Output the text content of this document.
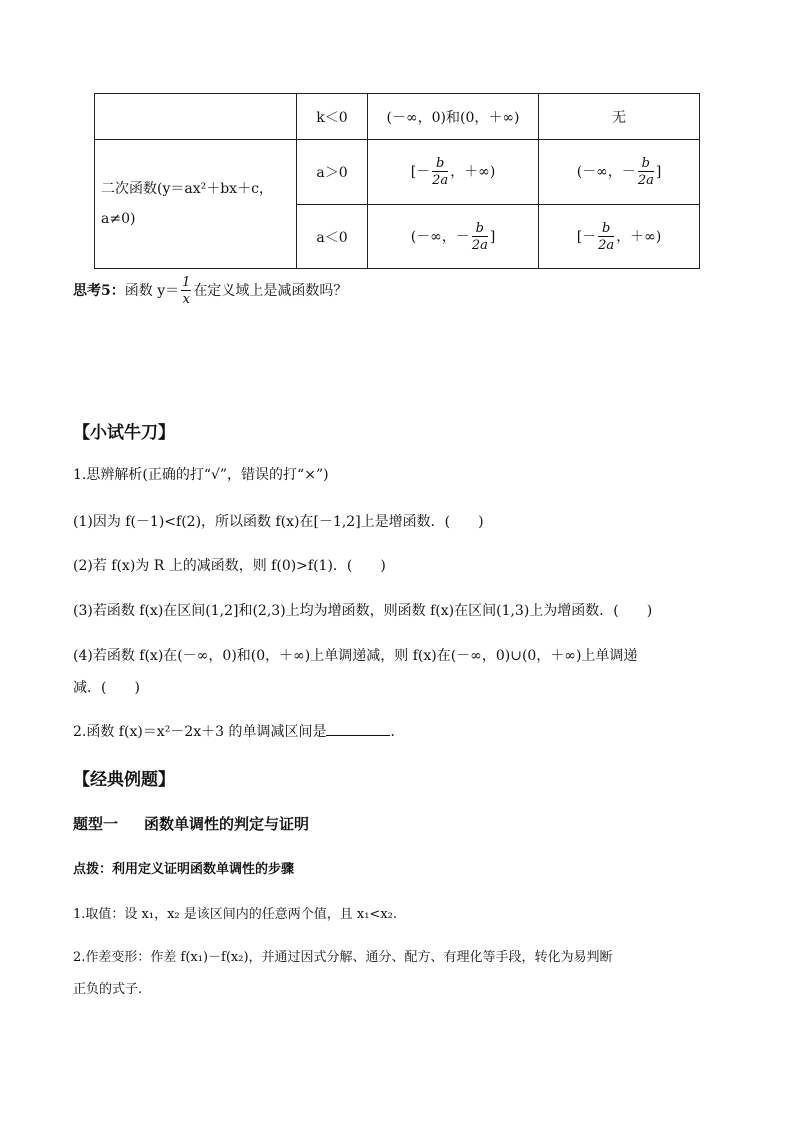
	k＜0	(－∞，0)和(0，＋∞)	无
二次函数(y＝ax²＋bx＋c，a≠0)	a＞0	[－ $\frac{b}{2a}$ ，＋∞)	(－∞，－ $\frac{b}{2a}$ ]
	a＜0	(－∞，－ $\frac{b}{2a}$ ]	[－ $\frac{b}{2a}$ ，＋∞)
思考5：函数 $y= \frac{1}{x}$ 在定义域上是减函数吗？
【小试牛刀】
1.思辨解析(正确的打“√”，错误的打“×”)
(1)因为 f(－1)<f(2)，所以函数 f(x)在[－1,2]上是增函数．(　　)
(2)若 f(x)为 R 上的减函数，则 f(0)>f(1)．(　　)
(3)若函数 f(x)在区间(1,2]和(2,3)上均为增函数，则函数 f(x)在区间(1,3)上为增函数．(　　)
(4)若函数 f(x)在(－∞，0)和(0，＋∞)上单调递减，则 f(x)在(－∞，0)∪(0，＋∞)上单调递
减．(　　)
2.函数 f(x)＝x²－2x＋3 的单调减区间是	．
【经典例题】
题型一 函数单调性的判定与证明
点拨：利用定义证明函数单调性的步骤
1.取值：设 x₁，x₂ 是该区间内的任意两个值，且 x₁<x₂.
2.作差变形：作差 f(x₁)－f(x₂)，并通过因式分解、通分、配方、有理化等手段，转化为易判断
正负的式子.
